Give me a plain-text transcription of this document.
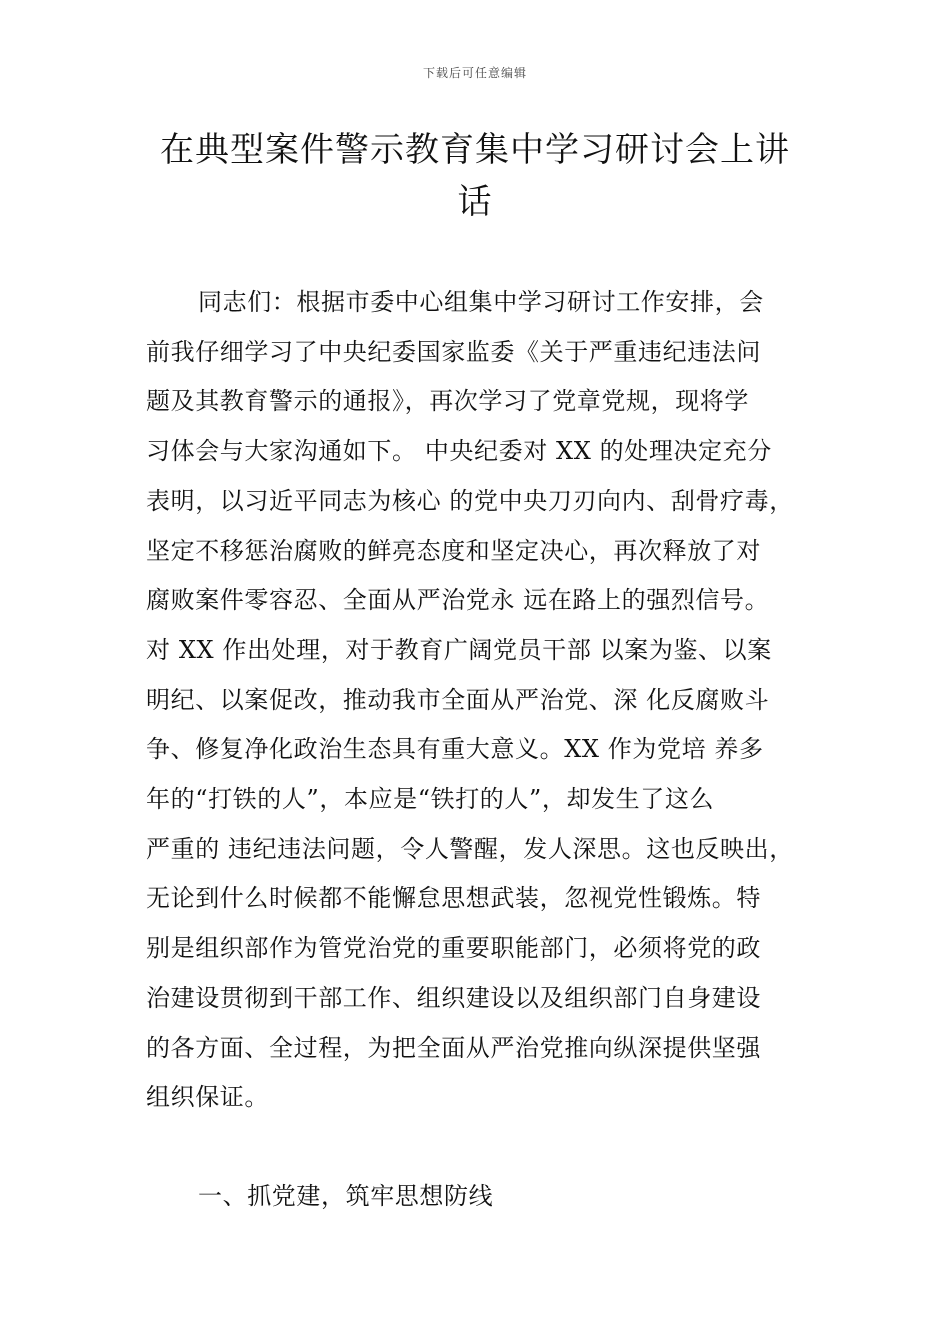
下载后可任意编辑
在典型案件警示教育集中学习研讨会上讲
话
同志们：根据市委中心组集中学习研讨工作安排，会
前我仔细学习了中央纪委国家监委《关于严重违纪违法问
题及其教育警示的通报》，再次学习了党章党规，现将学
习体会与大家沟通如下。 中央纪委对 XX 的处理决定充分
表明，以习近平同志为核心 的党中央刀刃向内、刮骨疗毒，
坚定不移惩治腐败的鲜亮态度和坚定决心，再次释放了对
腐败案件零容忍、全面从严治党永 远在路上的强烈信号。
对 XX 作出处理，对于教育广阔党员干部 以案为鉴、以案
明纪、以案促改，推动我市全面从严治党、深 化反腐败斗
争、修复净化政治生态具有重大意义。XX 作为党培 养多
年的“打铁的人”，本应是“铁打的人”，却发生了这么
严重的 违纪违法问题，令人警醒，发人深思。这也反映出，
无论到什么时候都不能懈怠思想武装，忽视党性锻炼。特
别是组织部作为管党治党的重要职能部门，必须将党的政
治建设贯彻到干部工作、组织建设以及组织部门自身建设
的各方面、全过程，为把全面从严治党推向纵深提供坚强
组织保证。
一、抓党建，筑牢思想防线
